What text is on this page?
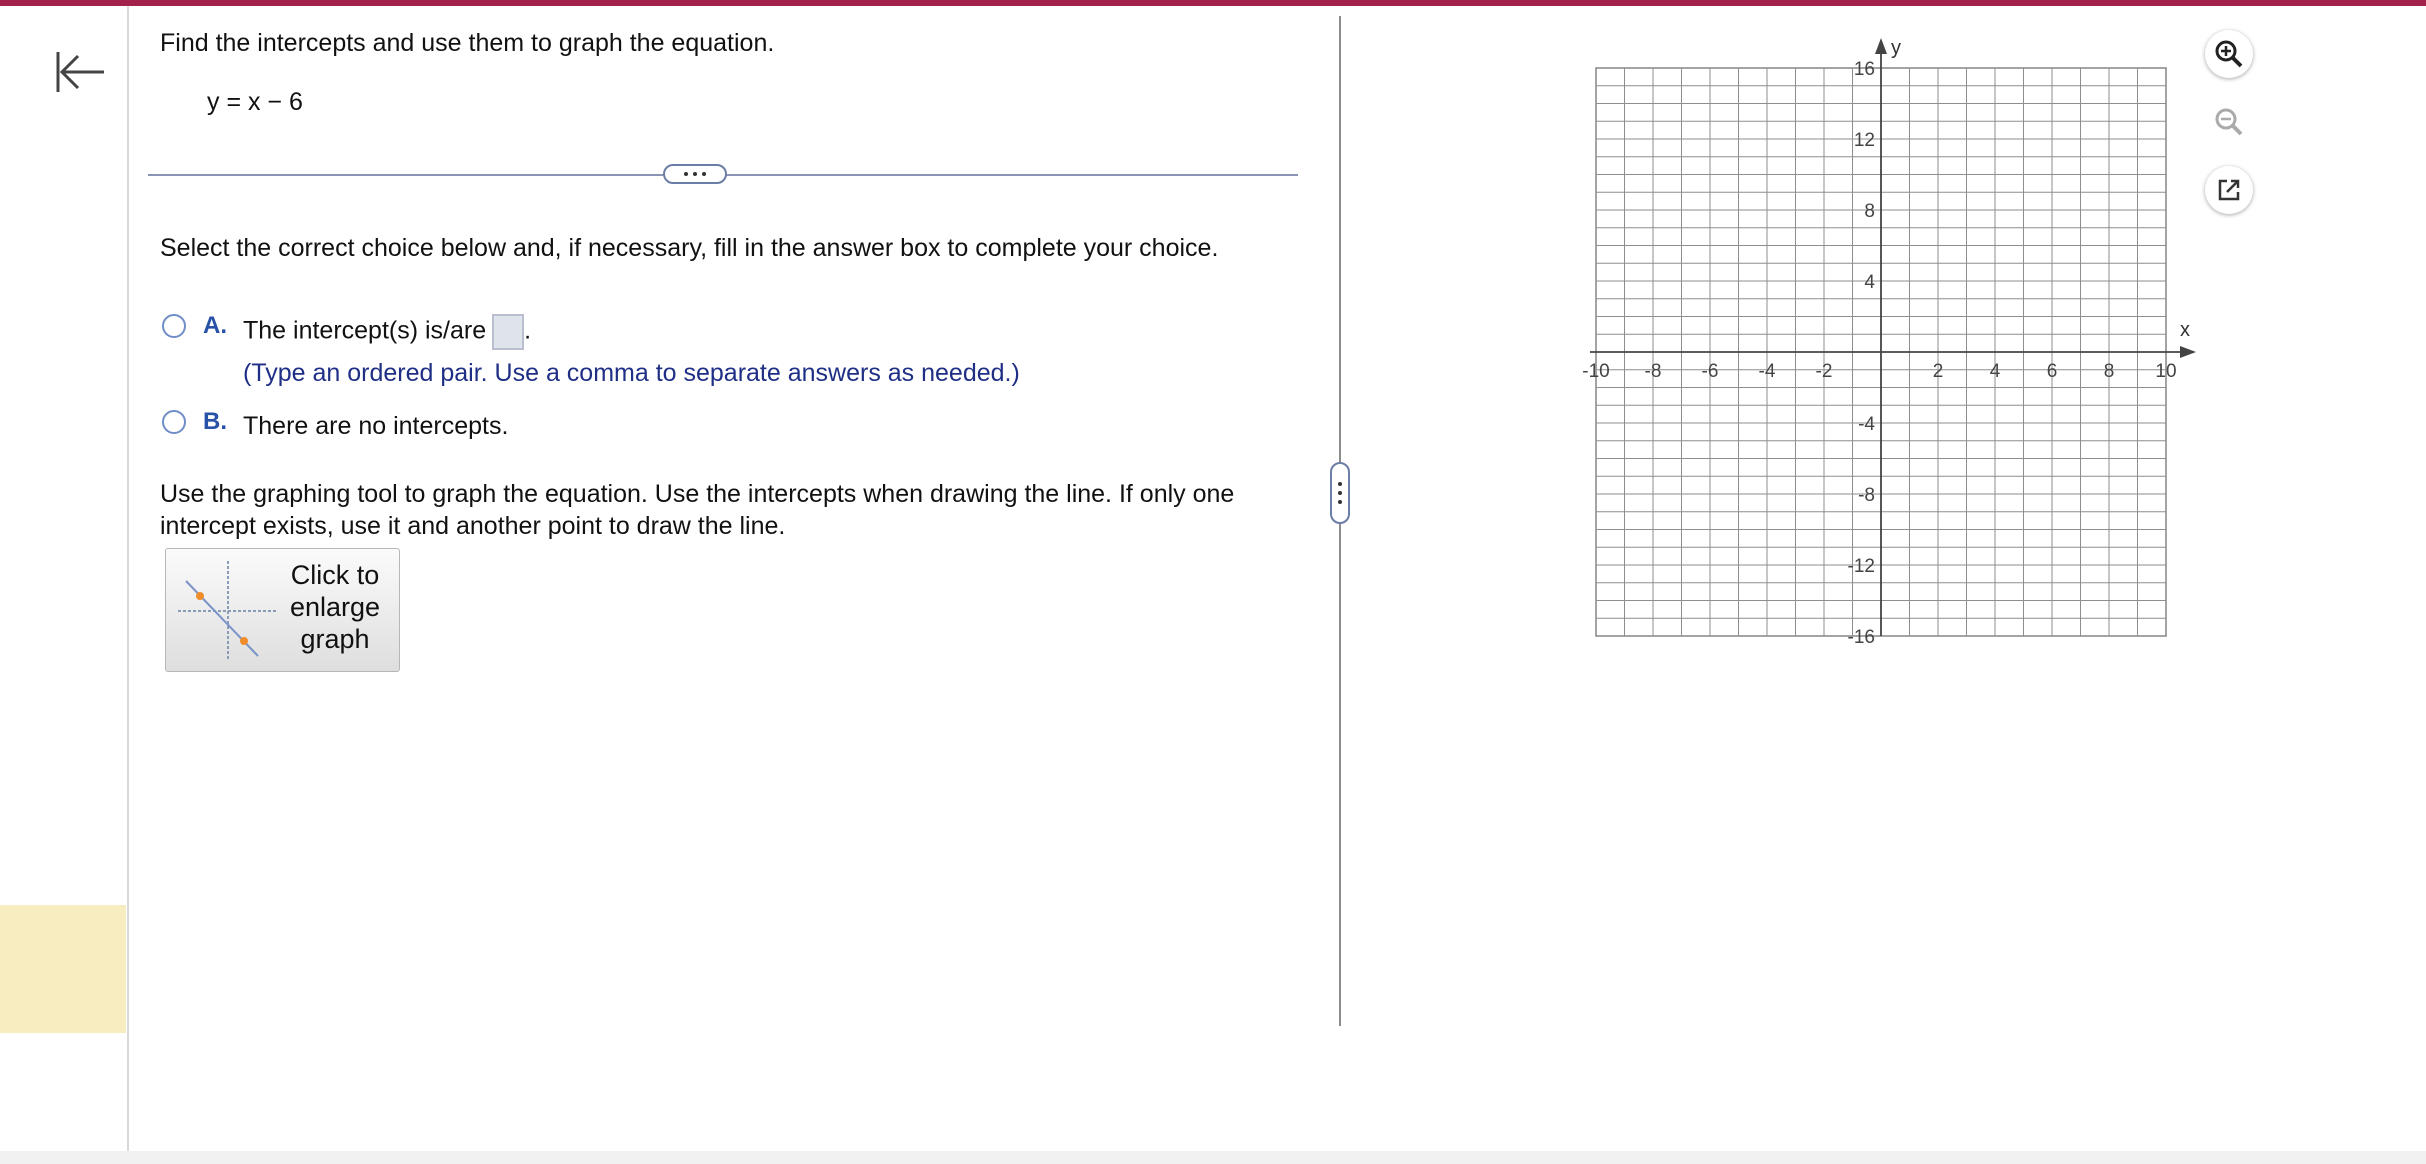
Find the intercepts and use them to graph the equation.
y = x − 6
Select the correct choice below and, if necessary, fill in the answer box to complete your choice.
A. The intercept(s) is/are .
(Type an ordered pair. Use a comma to separate answers as needed.)
B. There are no intercepts.
Use the graphing tool to graph the equation. Use the intercepts when drawing the line. If only one intercept exists, use it and another point to draw the line.
Click to enlarge graph
x
y
-10 -8 -6 -4 -2	2 4 6 8 10
16
12
8
4
-4
-8
-12
-16
